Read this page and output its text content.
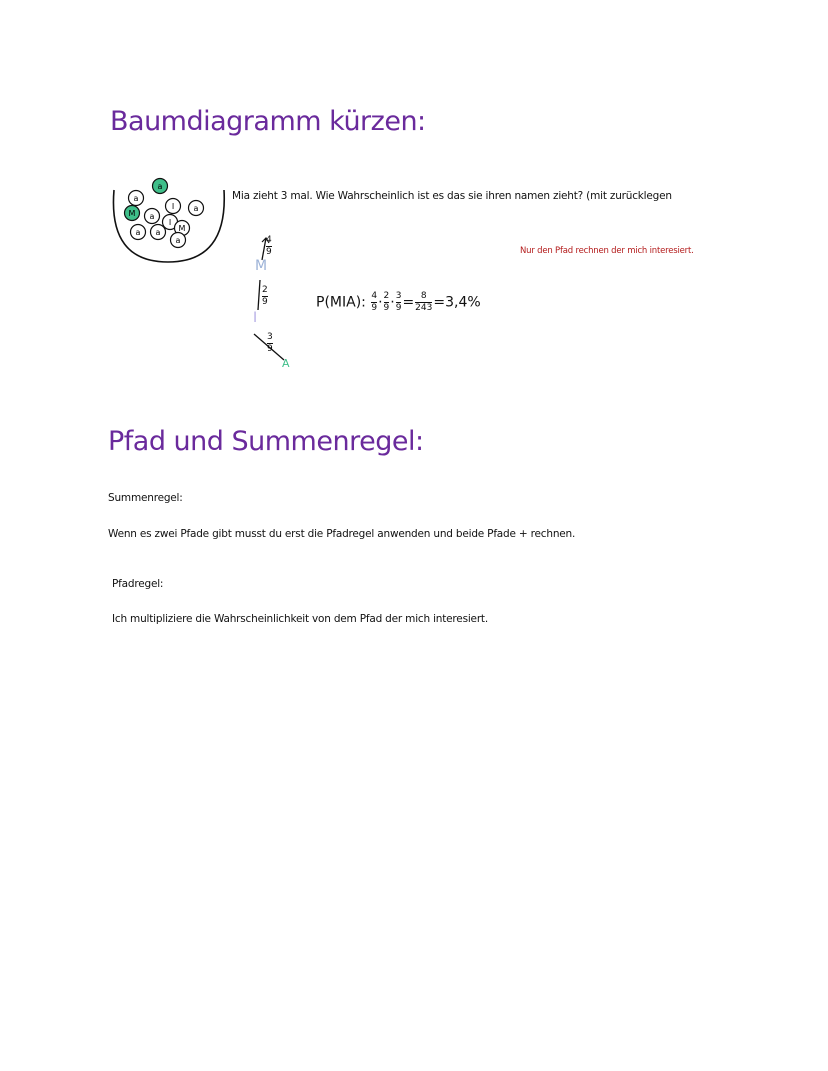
Baumdiagramm kürzen:
a
a
I a
M a
I
M
a
a
a
Mia zieht 3 mal. Wie Wahrscheinlich ist es das sie ihren namen zieht? (mit zurücklegen
Nur den Pfad rechnen der mich interesiert.
4
9
M
2
9
I
3
9
A
P(MIA): $\frac{4}{9} \cdot \frac{2}{9} \cdot \frac{3}{9} = \frac{8}{243} =3,4\%$
Pfad und Summenregel:
Summenregel:
Wenn es zwei Pfade gibt musst du erst die Pfadregel anwenden und beide Pfade + rechnen.
Pfadregel:
Ich multipliziere die Wahrscheinlichkeit von dem Pfad der mich interesiert.
